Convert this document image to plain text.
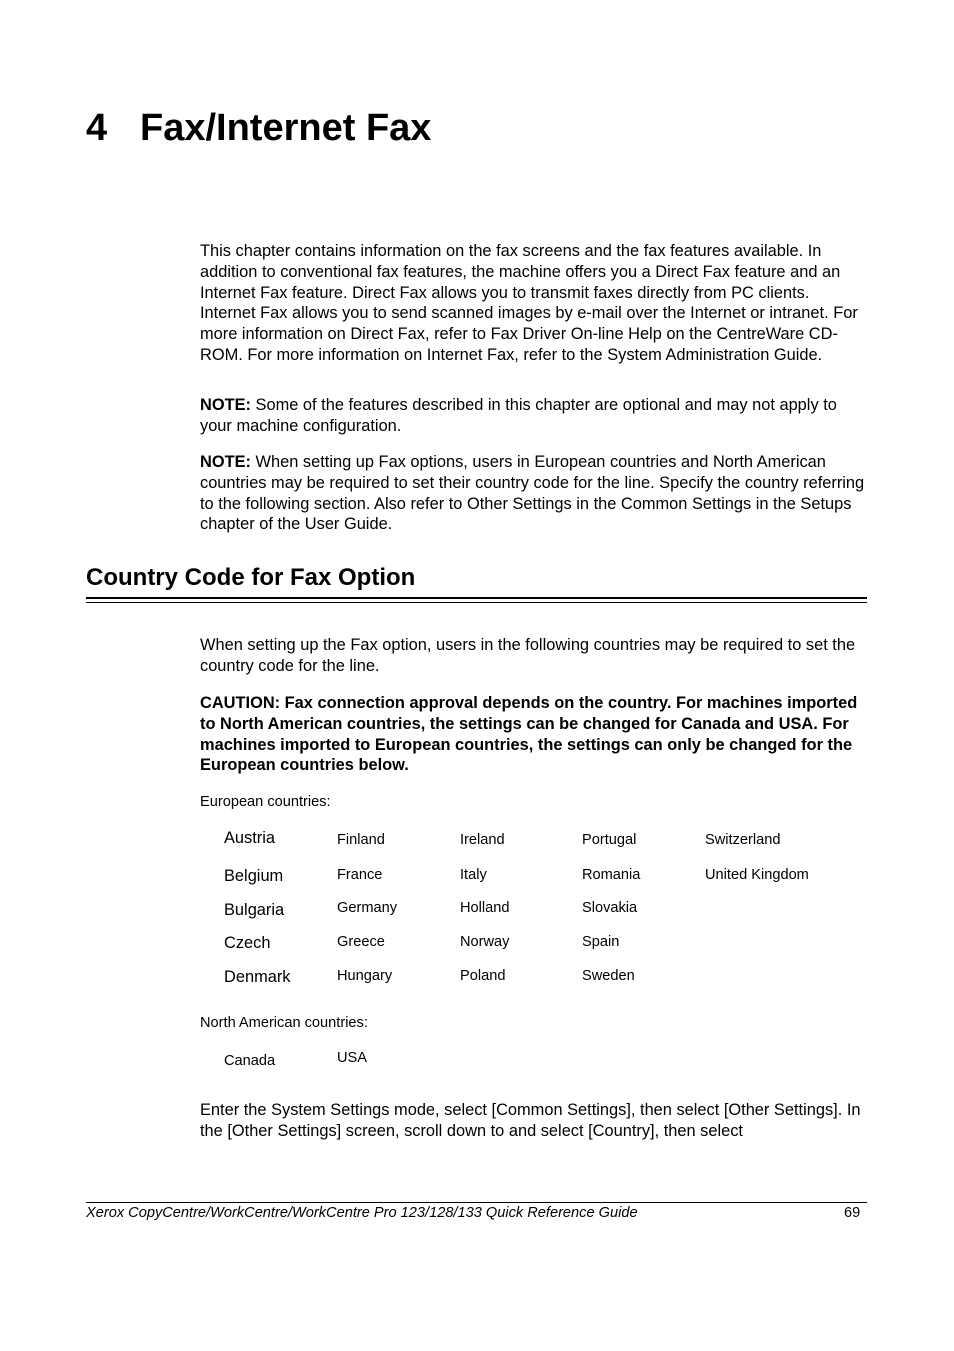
4 Fax/Internet Fax

This chapter contains information on the fax screens and the fax features available. In addition to conventional fax features, the machine offers you a Direct Fax feature and an Internet Fax feature. Direct Fax allows you to transmit faxes directly from PC clients. Internet Fax allows you to send scanned images by e-mail over the Internet or intranet. For more information on Direct Fax, refer to Fax Driver On-line Help on the CentreWare CD-ROM. For more information on Internet Fax, refer to the System Administration Guide.

NOTE: Some of the features described in this chapter are optional and may not apply to your machine configuration.

NOTE: When setting up Fax options, users in European countries and North American countries may be required to set their country code for the line. Specify the country referring to the following section. Also refer to Other Settings in the Common Settings in the Setups chapter of the User Guide.

Country Code for Fax Option

When setting up the Fax option, users in the following countries may be required to set the country code for the line.

CAUTION: Fax connection approval depends on the country. For machines imported to North American countries, the settings can be changed for Canada and USA. For machines imported to European countries, the settings can only be changed for the European countries below.

European countries:
Austria
Belgium
Bulgaria
Czech
Denmark
Finland
France
Germany
Greece
Hungary
Ireland
Italy
Holland
Norway
Poland
Portugal
Romania
Slovakia
Spain
Sweden
Switzerland
United Kingdom
North American countries:
Canada	USA

Enter the System Settings mode, select [Common Settings], then select [Other Settings]. In the [Other Settings] screen, scroll down to and select [Country], then select

Xerox CopyCentre/WorkCentre/WorkCentre Pro 123/128/133 Quick Reference Guide	69
